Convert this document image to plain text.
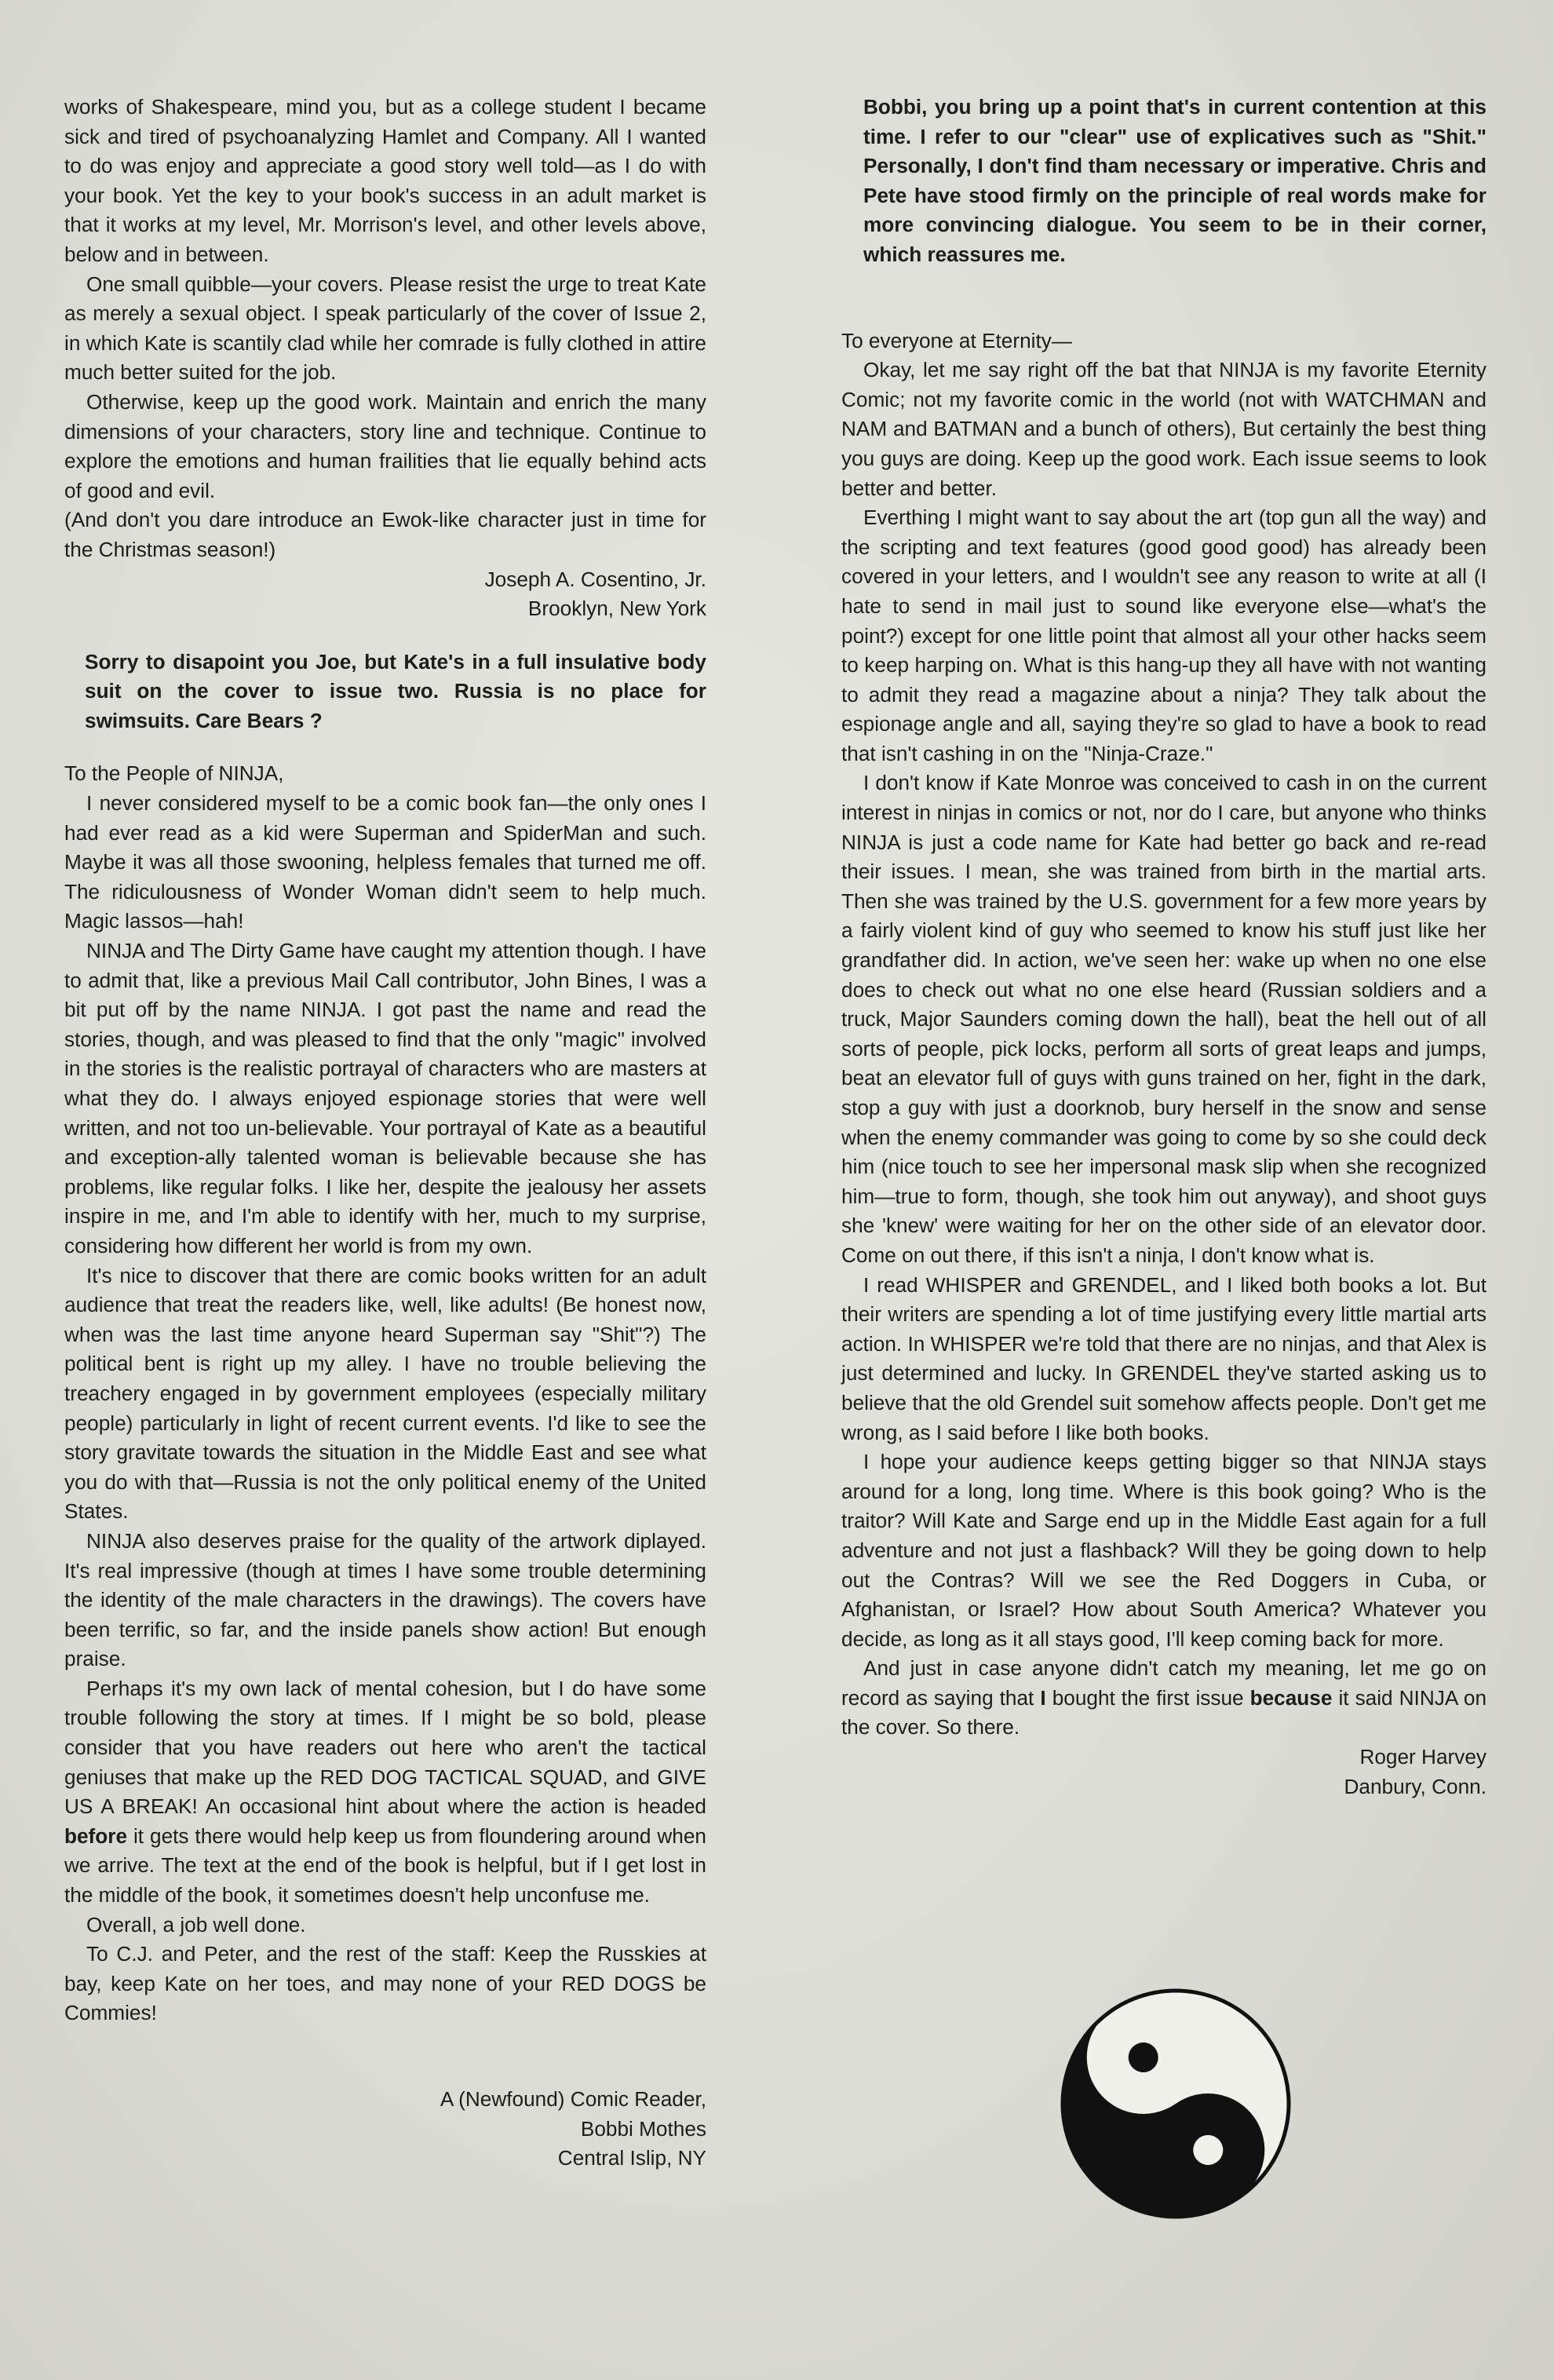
works of Shakespeare, mind you, but as a college student I became sick and tired of psychoanalyzing Hamlet and Company. All I wanted to do was enjoy and appreciate a good story well told—as I do with your book. Yet the key to your book's success in an adult market is that it works at my level, Mr. Morrison's level, and other levels above, below and in between.

One small quibble—your covers. Please resist the urge to treat Kate as merely a sexual object. I speak particularly of the cover of Issue 2, in which Kate is scantily clad while her comrade is fully clothed in attire much better suited for the job.

Otherwise, keep up the good work. Maintain and enrich the many dimensions of your characters, story line and technique. Continue to explore the emotions and human frailities that lie equally behind acts of good and evil.

(And don't you dare introduce an Ewok-like character just in time for the Christmas season!)

Joseph A. Cosentino, Jr.

Brooklyn, New York

Sorry to disapoint you Joe, but Kate's in a full insulative body suit on the cover to issue two. Russia is no place for swimsuits. Care Bears ?

To the People of NINJA,

I never considered myself to be a comic book fan—the only ones I had ever read as a kid were Superman and SpiderMan and such. Maybe it was all those swooning, helpless females that turned me off. The ridiculousness of Wonder Woman didn't seem to help much. Magic lassos—hah!

NINJA and The Dirty Game have caught my attention though. I have to admit that, like a previous Mail Call contributor, John Bines, I was a bit put off by the name NINJA. I got past the name and read the stories, though, and was pleased to find that the only "magic" involved in the stories is the realistic portrayal of characters who are masters at what they do. I always enjoyed espionage stories that were well written, and not too un-believable. Your portrayal of Kate as a beautiful and exception-ally talented woman is believable because she has problems, like regular folks. I like her, despite the jealousy her assets inspire in me, and I'm able to identify with her, much to my surprise, considering how different her world is from my own.

It's nice to discover that there are comic books written for an adult audience that treat the readers like, well, like adults! (Be honest now, when was the last time anyone heard Superman say "Shit"?) The political bent is right up my alley. I have no trouble believing the treachery engaged in by government employees (especially military people) particularly in light of recent current events. I'd like to see the story gravitate towards the situation in the Middle East and see what you do with that—Russia is not the only political enemy of the United States.

NINJA also deserves praise for the quality of the artwork diplayed. It's real impressive (though at times I have some trouble determining the identity of the male characters in the drawings). The covers have been terrific, so far, and the inside panels show action! But enough praise.

Perhaps it's my own lack of mental cohesion, but I do have some trouble following the story at times. If I might be so bold, please consider that you have readers out here who aren't the tactical geniuses that make up the RED DOG TACTICAL SQUAD, and GIVE US A BREAK! An occasional hint about where the action is headed before it gets there would help keep us from floundering around when we arrive. The text at the end of the book is helpful, but if I get lost in the middle of the book, it sometimes doesn't help unconfuse me.

Overall, a job well done.

To C.J. and Peter, and the rest of the staff: Keep the Russkies at bay, keep Kate on her toes, and may none of your RED DOGS be Commies!

A (Newfound) Comic Reader,

Bobbi Mothes

Central Islip, NY

Bobbi, you bring up a point that's in current contention at this time. I refer to our "clear" use of explicatives such as "Shit." Personally, I don't find tham necessary or imperative. Chris and Pete have stood firmly on the principle of real words make for more convincing dialogue. You seem to be in their corner, which reassures me.

To everyone at Eternity—

Okay, let me say right off the bat that NINJA is my favorite Eternity Comic; not my favorite comic in the world (not with WATCHMAN and NAM and BATMAN and a bunch of others), But certainly the best thing you guys are doing. Keep up the good work. Each issue seems to look better and better.

Everthing I might want to say about the art (top gun all the way) and the scripting and text features (good good good) has already been covered in your letters, and I wouldn't see any reason to write at all (I hate to send in mail just to sound like everyone else—what's the point?) except for one little point that almost all your other hacks seem to keep harping on. What is this hang-up they all have with not wanting to admit they read a magazine about a ninja? They talk about the espionage angle and all, saying they're so glad to have a book to read that isn't cashing in on the "Ninja-Craze."

I don't know if Kate Monroe was conceived to cash in on the current interest in ninjas in comics or not, nor do I care, but anyone who thinks NINJA is just a code name for Kate had better go back and re-read their issues. I mean, she was trained from birth in the martial arts. Then she was trained by the U.S. government for a few more years by a fairly violent kind of guy who seemed to know his stuff just like her grandfather did. In action, we've seen her: wake up when no one else does to check out what no one else heard (Russian soldiers and a truck, Major Saunders coming down the hall), beat the hell out of all sorts of people, pick locks, perform all sorts of great leaps and jumps, beat an elevator full of guys with guns trained on her, fight in the dark, stop a guy with just a doorknob, bury herself in the snow and sense when the enemy commander was going to come by so she could deck him (nice touch to see her impersonal mask slip when she recognized him—true to form, though, she took him out anyway), and shoot guys she 'knew' were waiting for her on the other side of an elevator door. Come on out there, if this isn't a ninja, I don't know what is.

I read WHISPER and GRENDEL, and I liked both books a lot. But their writers are spending a lot of time justifying every little martial arts action. In WHISPER we're told that there are no ninjas, and that Alex is just determined and lucky. In GRENDEL they've started asking us to believe that the old Grendel suit somehow affects people. Don't get me wrong, as I said before I like both books.

I hope your audience keeps getting bigger so that NINJA stays around for a long, long time. Where is this book going? Who is the traitor? Will Kate and Sarge end up in the Middle East again for a full adventure and not just a flashback? Will they be going down to help out the Contras? Will we see the Red Doggers in Cuba, or Afghanistan, or Israel? How about South America? Whatever you decide, as long as it all stays good, I'll keep coming back for more.

And just in case anyone didn't catch my meaning, let me go on record as saying that I bought the first issue because it said NINJA on the cover. So there.

Roger Harvey

Danbury, Conn.
